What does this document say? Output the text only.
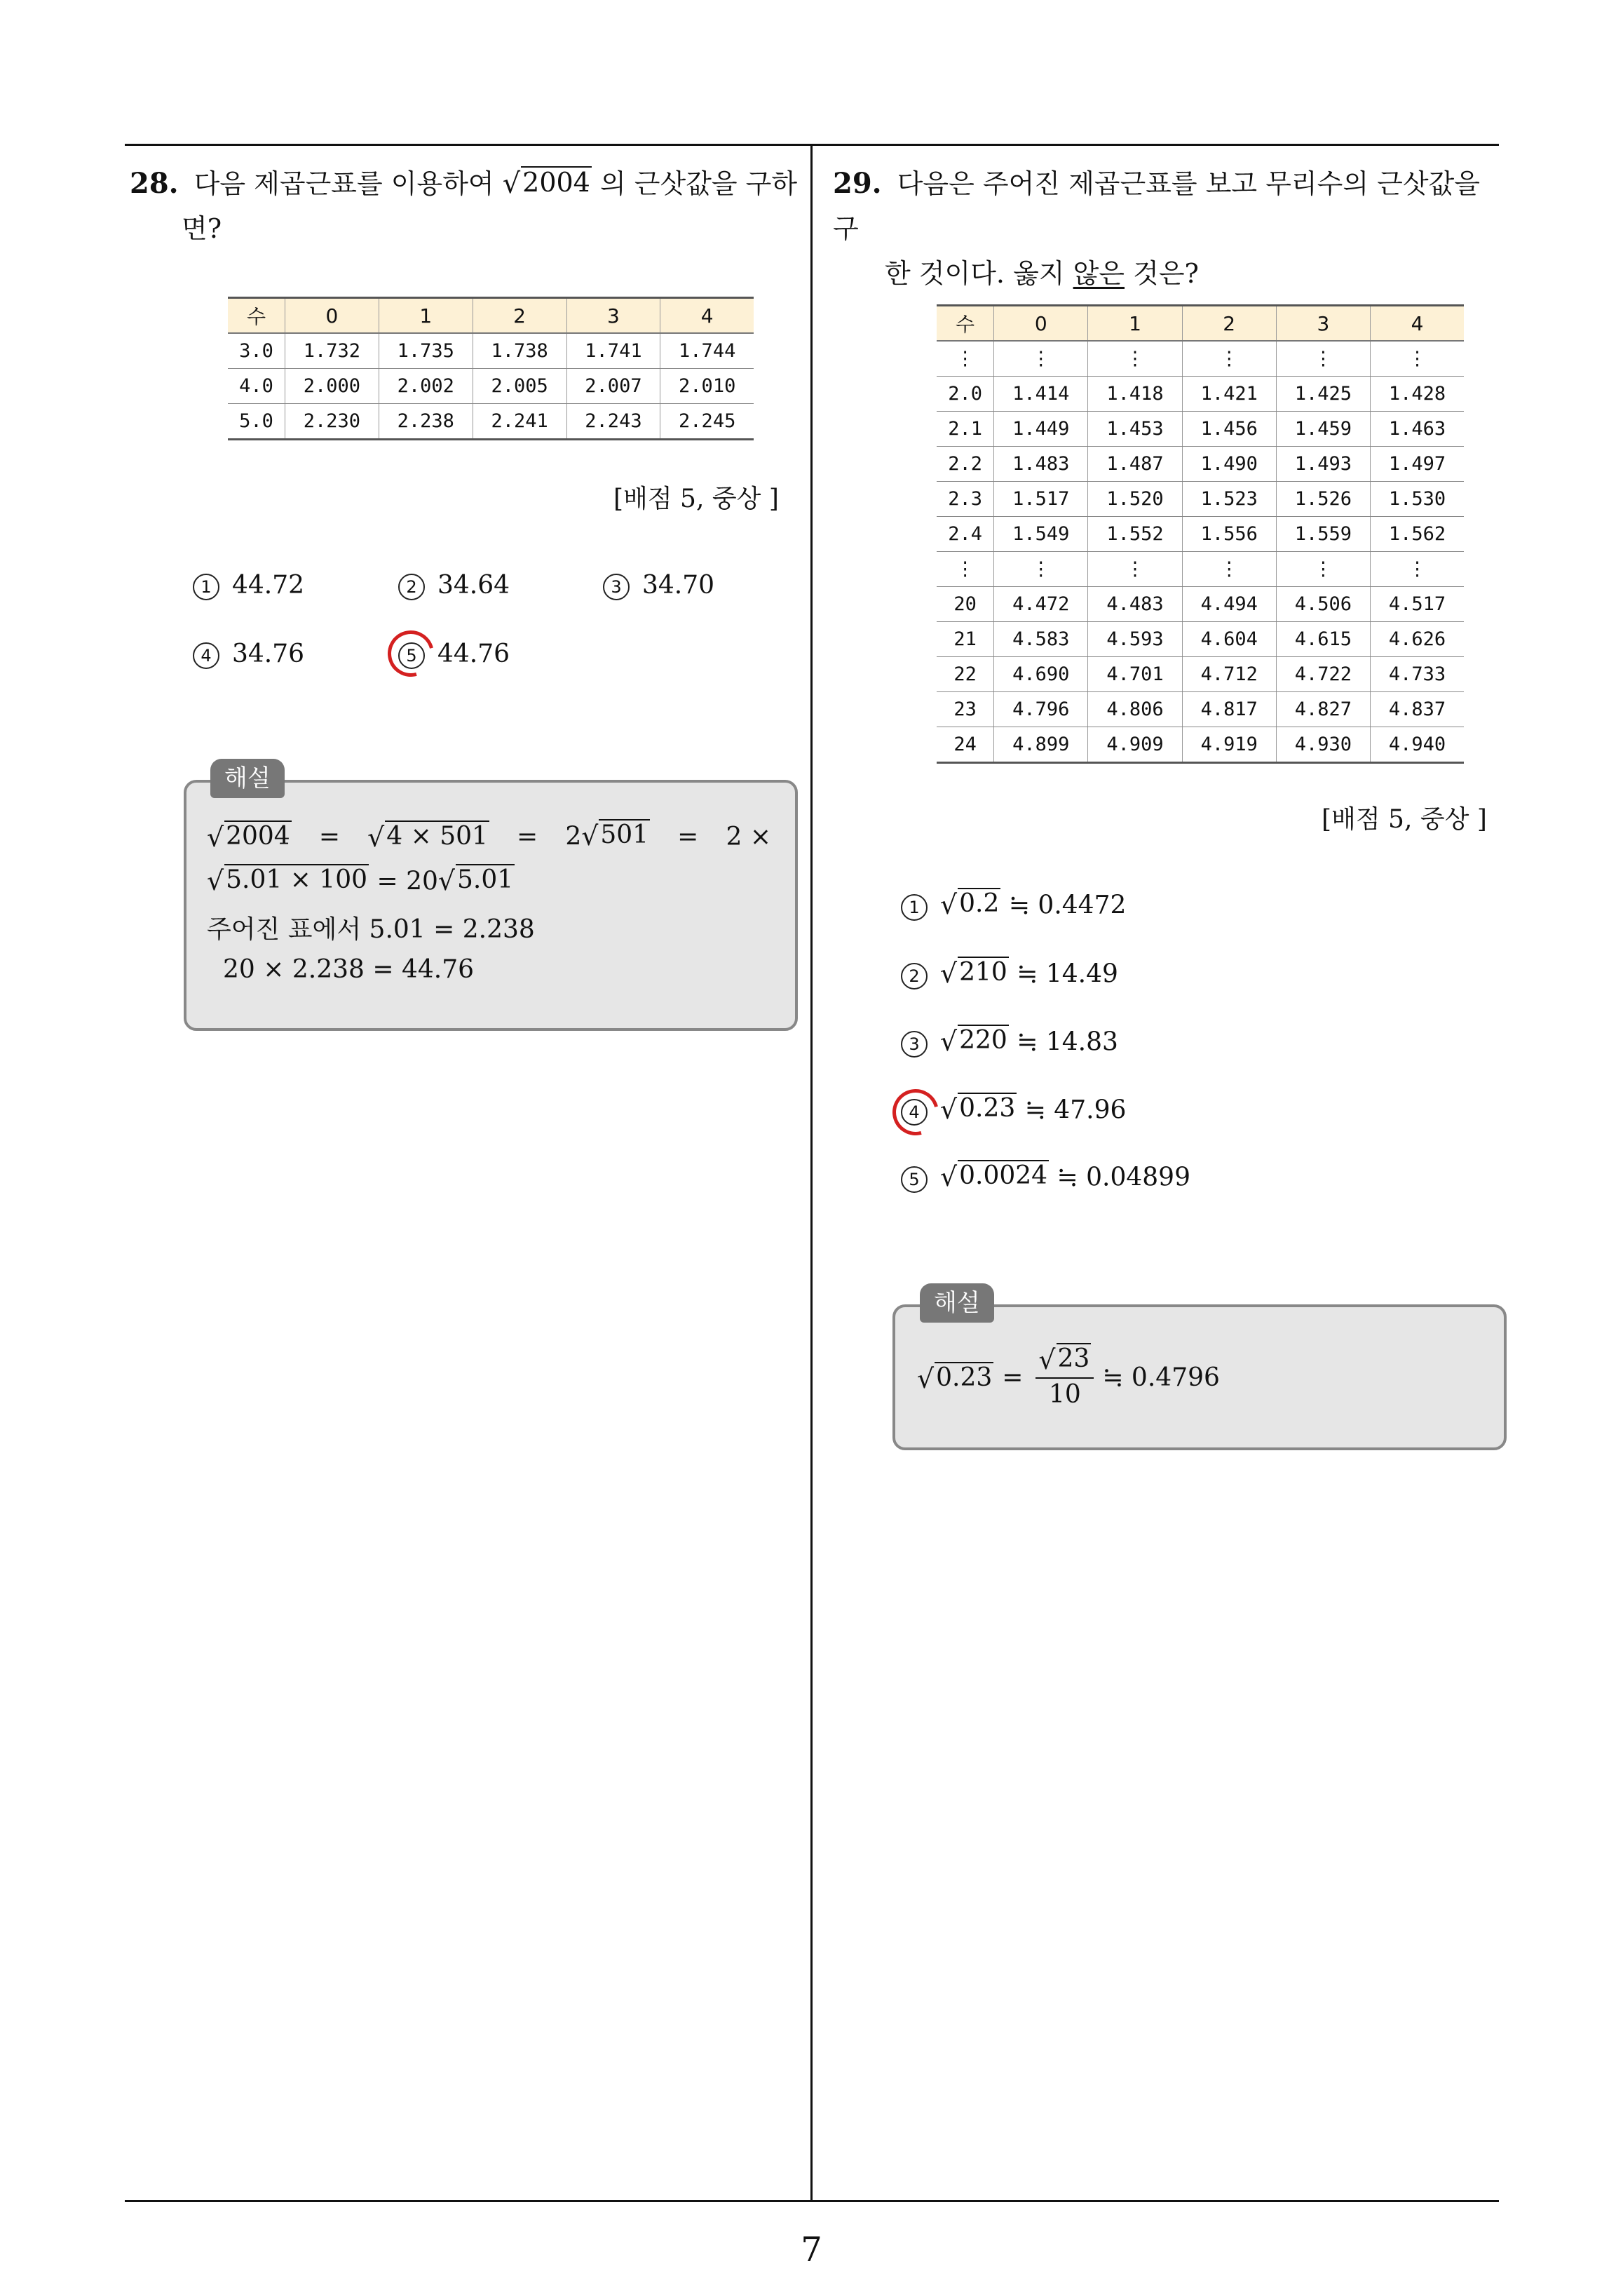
28. 다음 제곱근표를 이용하여 √ 2004 의 근삿값을 구하
면?
수	0	1	2	3	4
3.0	1.732	1.735	1.738	1.741	1.744
4.0	2.000	2.002	2.005	2.007	2.010
5.0	2.230	2.238	2.241	2.243	2.245
[배점 5, 중상 ]
1 44.72	2 34.64	3 34.70
4 34.76	5 44.76
해설
√ 2004 = √ 4 × 501 = 2 √ 501 = 2 ×
√ 5.01 × 100 = 20 √ 5.01
주어진 표에서 5.01 = 2.238
20 × 2.238 = 44.76
29. 다음은 주어진 제곱근표를 보고 무리수의 근삿값을 구
한 것이다. 옳지 않은 것은?
수	0	1	2	3	4
⋮	⋮	⋮	⋮	⋮	⋮
2.0	1.414	1.418	1.421	1.425	1.428
2.1	1.449	1.453	1.456	1.459	1.463
2.2	1.483	1.487	1.490	1.493	1.497
2.3	1.517	1.520	1.523	1.526	1.530
2.4	1.549	1.552	1.556	1.559	1.562
⋮	⋮	⋮	⋮	⋮	⋮
20	4.472	4.483	4.494	4.506	4.517
21	4.583	4.593	4.604	4.615	4.626
22	4.690	4.701	4.712	4.722	4.733
23	4.796	4.806	4.817	4.827	4.837
24	4.899	4.909	4.919	4.930	4.940
[배점 5, 중상 ]
1 √ 0.2 ≒ 0.4472
2 √ 210 ≒ 14.49
3 √ 220 ≒ 14.83
4 √ 0.23 ≒ 47.96
5 √ 0.0024 ≒ 0.04899
해설
√ $0.23 = \frac{√ 23}{10}$ ≒ 0.4796
7
